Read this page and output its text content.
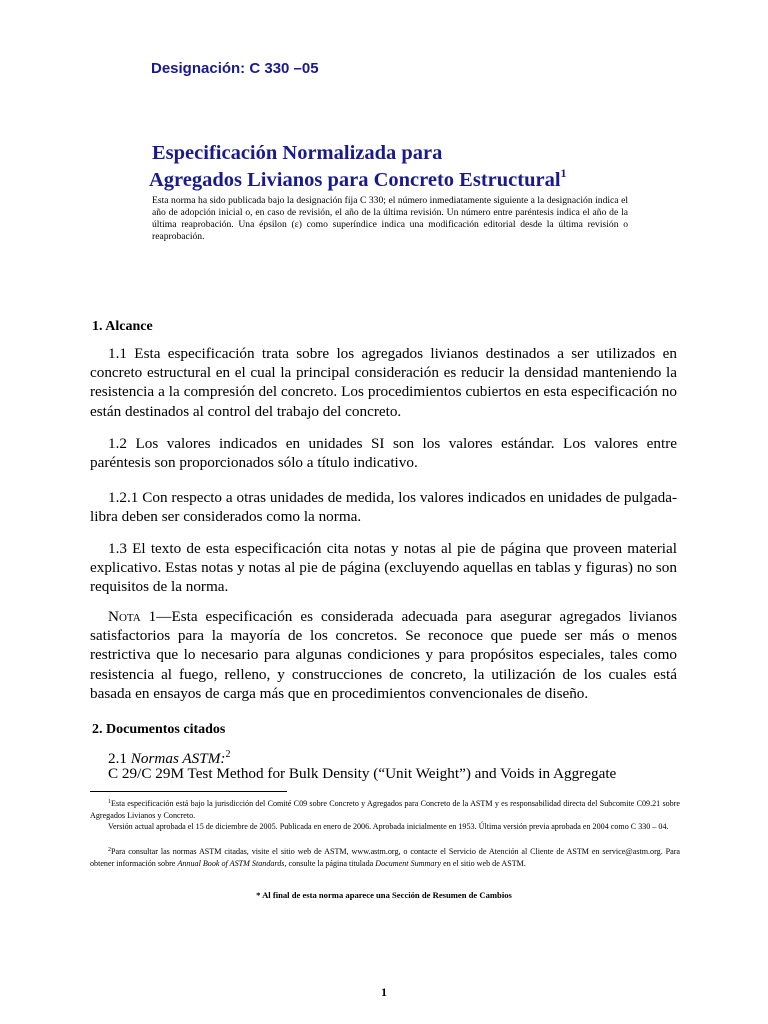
Designación: C 330 –05
Especificación Normalizada para
Agregados Livianos para Concreto Estructural$^1$

Esta norma ha sido publicada bajo la designación fija C 330; el número inmediatamente siguiente a la designación indica el año de adopción inicial o, en caso de revisión, el año de la última revisión. Un número entre paréntesis indica el año de la última reaprobación. Una épsilon (ε) como superíndice indica una modificación editorial desde la última revisión o reaprobación.

1. Alcance

1.1 Esta especificación trata sobre los agregados livianos destinados a ser utilizados en concreto estructural en el cual la principal consideración es reducir la densidad manteniendo la resistencia a la compresión del concreto. Los procedimientos cubiertos en esta especificación no están destinados al control del trabajo del concreto.

1.2 Los valores indicados en unidades SI son los valores estándar. Los valores entre paréntesis son proporcionados sólo a título indicativo.

1.2.1 Con respecto a otras unidades de medida, los valores indicados en unidades de pulgada-libra deben ser considerados como la norma.

1.3 El texto de esta especificación cita notas y notas al pie de página que proveen material explicativo. Estas notas y notas al pie de página (excluyendo aquellas en tablas y figuras) no son requisitos de la norma.

Nota 1—Esta especificación es considerada adecuada para asegurar agregados livianos satisfactorios para la mayoría de los concretos. Se reconoce que puede ser más o menos restrictiva que lo necesario para algunas condiciones y para propósitos especiales, tales como resistencia al fuego, relleno, y construcciones de concreto, la utilización de los cuales está basada en ensayos de carga más que en procedimientos convencionales de diseño.
2. Documentos citados
2.1 Normas ASTM:$^2$
C 29/C 29M Test Method for Bulk Density (“Unit Weight”) and Voids in Aggregate

$^1$Esta especificación está bajo la jurisdicción del Comité C09 sobre Concreto y Agregados para Concreto de la ASTM y es responsabilidad directa del Subcomite C09.21 sobre Agregados Livianos y Concreto.

Versión actual aprobada el 15 de diciembre de 2005. Publicada en enero de 2006. Aprobada inicialmente en 1953. Última versión previa aprobada en 2004 como C 330 – 04.

$^2$Para consultar las normas ASTM citadas, visite el sitio web de ASTM, www.astm.org, o contacte el Servicio de Atención al Cliente de ASTM en service@astm.org. Para obtener información sobre Annual Book of ASTM Standards, consulte la página titulada Document Summary en el sitio web de ASTM.

* Al final de esta norma aparece una Sección de Resumen de Cambios
1
